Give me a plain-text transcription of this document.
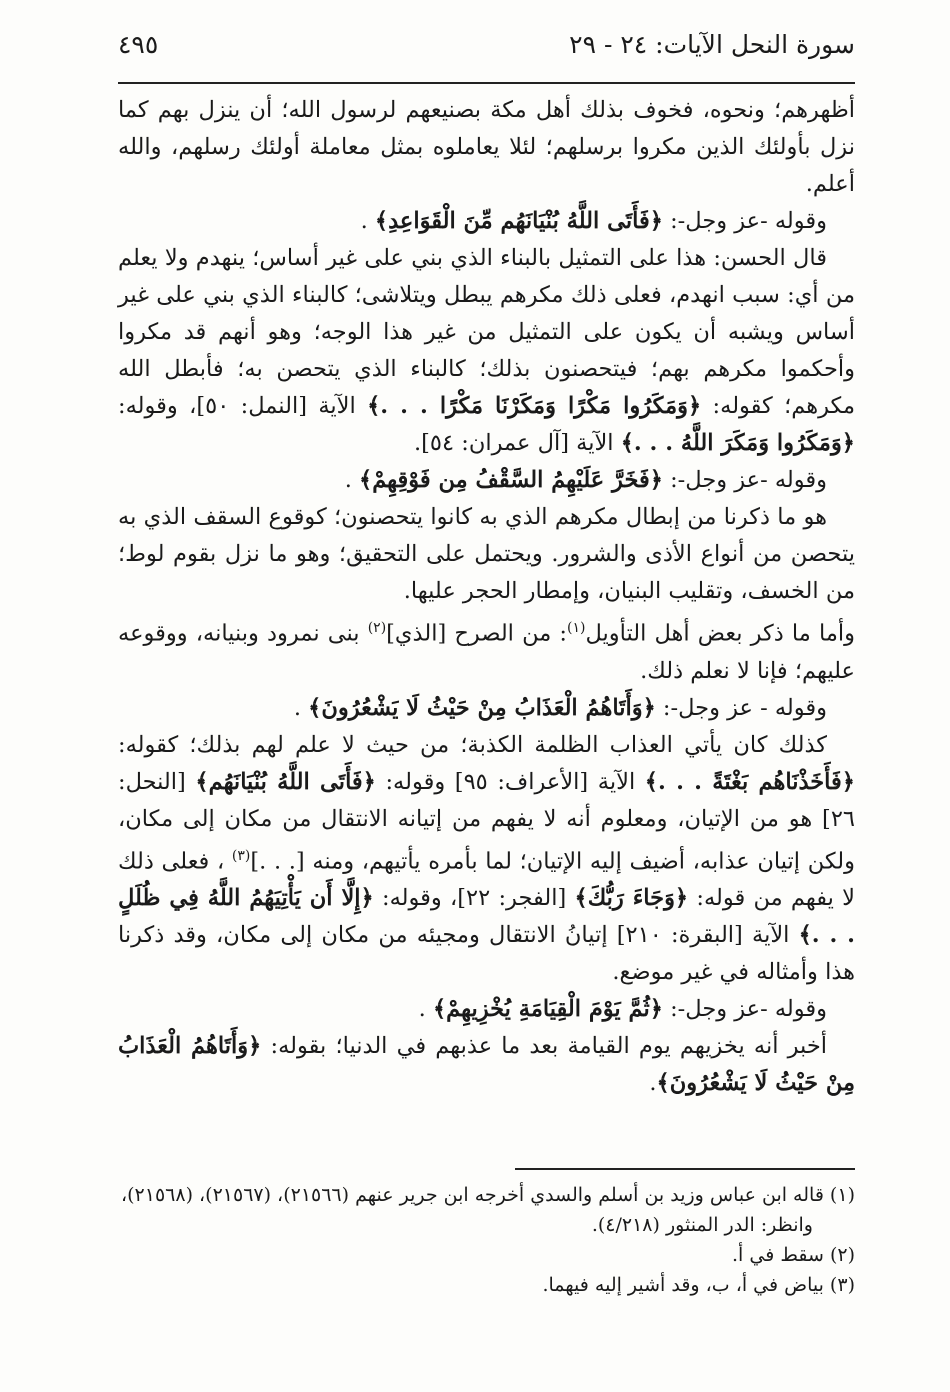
سورة النحل الآيات: ٢٤ - ٢٩
٤٩٥

أظهرهم؛ ونحوه، فخوف بذلك أهل مكة بصنيعهم لرسول الله؛ أن ينزل بهم كما نزل بأولئك الذين مكروا برسلهم؛ لئلا يعاملوه بمثل معاملة أولئك رسلهم، والله أعلم.

وقوله -عز وجل-: ﴿فَأَتَى اللَّهُ بُنْيَانَهُم مِّنَ الْقَوَاعِدِ﴾ .

قال الحسن: هذا على التمثيل بالبناء الذي بني على غير أساس؛ ينهدم ولا يعلم من أي: سبب انهدم، فعلى ذلك مكرهم يبطل ويتلاشى؛ كالبناء الذي بني على غير أساس ويشبه أن يكون على التمثيل من غير هذا الوجه؛ وهو أنهم قد مكروا وأحكموا مكرهم بهم؛ فيتحصنون بذلك؛ كالبناء الذي يتحصن به؛ فأبطل الله مكرهم؛ كقوله: ﴿وَمَكَرُوا مَكْرًا وَمَكَرْنَا مَكْرًا . . .﴾ الآية [النمل: ٥٠]، وقوله: ﴿وَمَكَرُوا وَمَكَرَ اللَّهُ . . .﴾ الآية [آل عمران: ٥٤].

وقوله -عز وجل-: ﴿فَخَرَّ عَلَيْهِمُ السَّقْفُ مِن فَوْقِهِمْ﴾ .

هو ما ذكرنا من إبطال مكرهم الذي به كانوا يتحصنون؛ كوقوع السقف الذي به يتحصن من أنواع الأذى والشرور. ويحتمل على التحقيق؛ وهو ما نزل بقوم لوط؛ من الخسف، وتقليب البنيان، وإمطار الحجر عليها.

وأما ما ذكر بعض أهل التأويل$^{(١)}$: من الصرح [الذي]$^{(٢)}$ بنى نمرود وبنيانه، ووقوعه عليهم؛ فإنا لا نعلم ذلك.

وقوله - عز وجل-: ﴿وَأَتَاهُمُ الْعَذَابُ مِنْ حَيْثُ لَا يَشْعُرُونَ﴾ .

كذلك كان يأتي العذاب الظلمة الكذبة؛ من حيث لا علم لهم بذلك؛ كقوله: ﴿فَأَخَذْنَاهُم بَغْتَةً . . .﴾ الآية [الأعراف: ٩٥] وقوله: ﴿فَأَتَى اللَّهُ بُنْيَانَهُم﴾ [النحل: ٢٦] هو من الإتيان، ومعلوم أنه لا يفهم من إتيانه الانتقال من مكان إلى مكان، ولكن إتيان عذابه، أضيف إليه الإتيان؛ لما بأمره يأتيهم، ومنه [. . .]$^{(٣)}$ ، فعلى ذلك لا يفهم من قوله: ﴿وَجَاءَ رَبُّكَ﴾ [الفجر: ٢٢]، وقوله: ﴿إِلَّا أَن يَأْتِيَهُمُ اللَّهُ فِي ظُلَلٍ . . .﴾ الآية [البقرة: ٢١٠] إتيانُ الانتقال ومجيئه من مكان إلى مكان، وقد ذكرنا هذا وأمثاله في غير موضع.

وقوله -عز وجل-: ﴿ثُمَّ يَوْمَ الْقِيَامَةِ يُخْزِيهِمْ﴾ .

أخبر أنه يخزيهم يوم القيامة بعد ما عذبهم في الدنيا؛ بقوله: ﴿وَأَتَاهُمُ الْعَذَابُ مِنْ حَيْثُ لَا يَشْعُرُونَ﴾.

(١) قاله ابن عباس وزيد بن أسلم والسدي أخرجه ابن جرير عنهم (٢١٥٦٦)، (٢١٥٦٧)، (٢١٥٦٨)،

وانظر: الدر المنثور (٤/٢١٨).

(٢) سقط في أ.

(٣) بياض في أ، ب، وقد أشير إليه فيهما.
